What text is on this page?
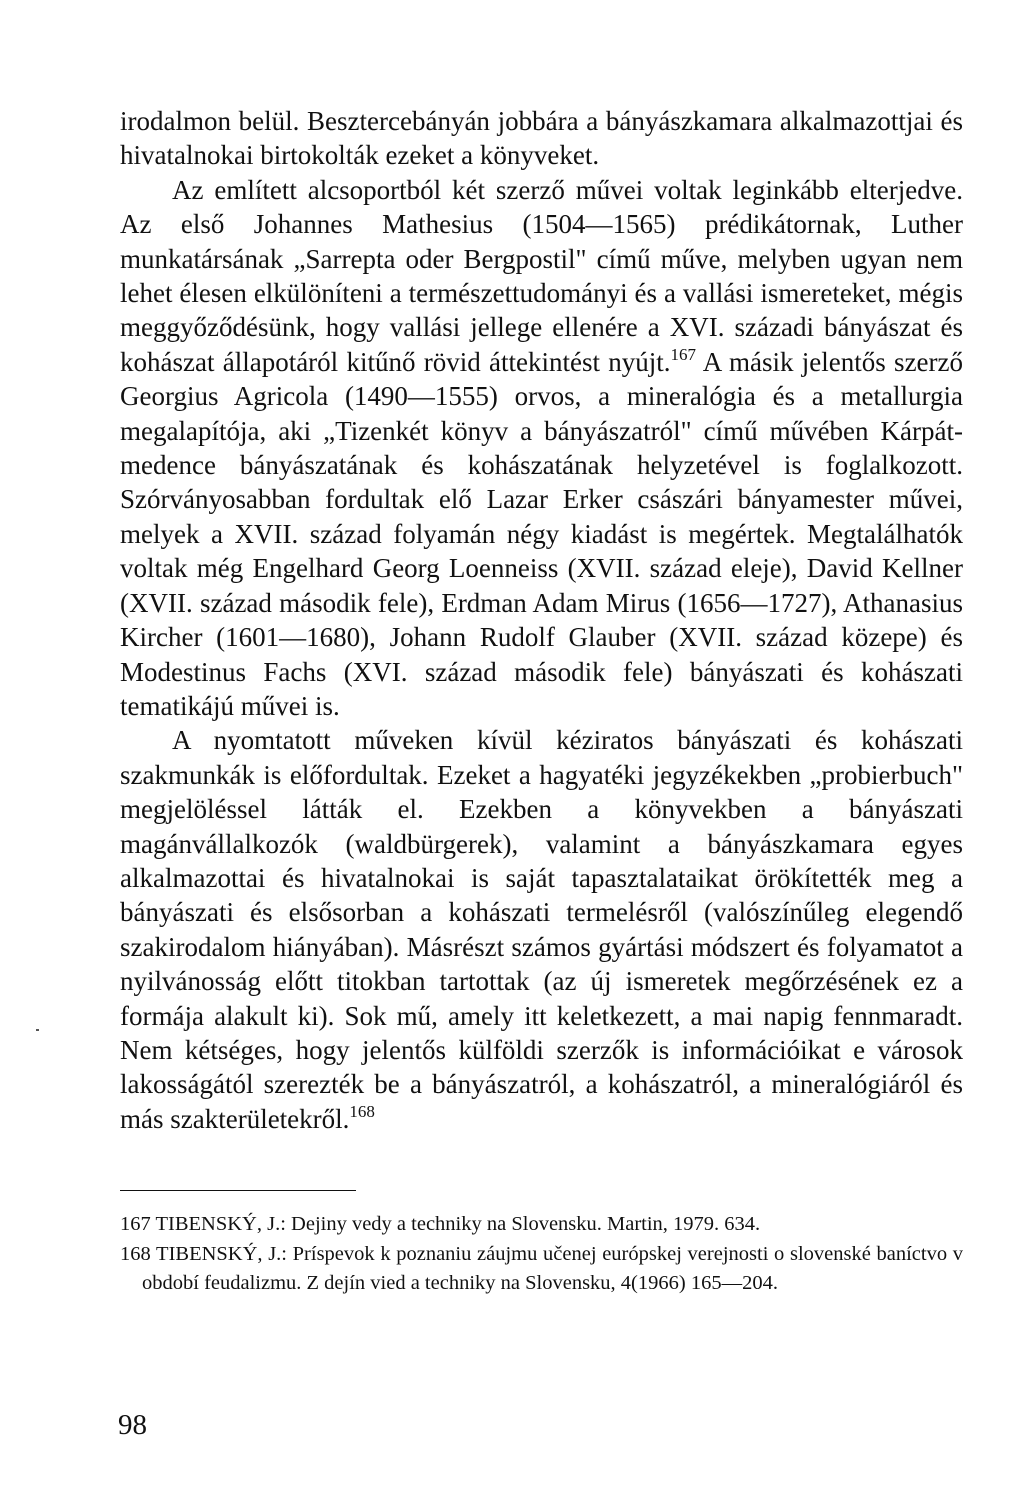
irodalmon belül. Besztercebányán jobbára a bányászkamara alkalmazottjai és hivatalnokai birtokolták ezeket a könyveket.

Az említett alcsoportból két szerző művei voltak leginkább elterjedve. Az első Johannes Mathesius (1504—1565) prédikátornak, Luther munkatársának „Sarrepta oder Bergpostil" című műve, melyben ugyan nem lehet élesen elkülöníteni a természettudományi és a vallási ismereteket, mégis meggyőződésünk, hogy vallási jellege ellenére a XVI. századi bányászat és kohászat állapotáról kitűnő rövid áttekintést nyújt.$^{167}$ A másik jelentős szerző Georgius Agricola (1490—1555) orvos, a mineralógia és a metallurgia megalapítója, aki „Tizenkét könyv a bányászatról" című művében Kárpát-medence bányászatának és kohászatának helyzetével is foglalkozott. Szórványosabban fordultak elő Lazar Erker császári bányamester művei, melyek a XVII. század folyamán négy kiadást is megértek. Megtalálhatók voltak még Engelhard Georg Loenneiss (XVII. század eleje), David Kellner (XVII. század második fele), Erdman Adam Mirus (1656—1727), Athanasius Kircher (1601—1680), Johann Rudolf Glauber (XVII. század közepe) és Modestinus Fachs (XVI. század második fele) bányászati és kohászati tematikájú művei is.

A nyomtatott műveken kívül kéziratos bányászati és kohászati szakmunkák is előfordultak. Ezeket a hagyatéki jegyzékekben „probierbuch" megjelöléssel látták el. Ezekben a könyvekben a bányászati magánvállalkozók (waldbürgerek), valamint a bányászkamara egyes alkalmazottai és hivatalnokai is saját tapasztalataikat örökítették meg a bányászati és elsősorban a kohászati termelésről (valószínűleg elegendő szakirodalom hiányában). Másrészt számos gyártási módszert és folyamatot a nyilvánosság előtt titokban tartottak (az új ismeretek megőrzésének ez a formája alakult ki). Sok mű, amely itt keletkezett, a mai napig fennmaradt. Nem kétséges, hogy jelentős külföldi szerzők is információikat e városok lakosságától szerezték be a bányászatról, a kohászatról, a mineralógiáról és más szakterületekről.$^{168}$

167 TIBENSKÝ, J.: Dejiny vedy a techniky na Slovensku. Martin, 1979. 634.
168 TIBENSKÝ, J.: Príspevok k poznaniu záujmu učenej európskej verejnosti o slovenské baníctvo v období feudalizmu. Z dejín vied a techniky na Slovensku, 4(1966) 165—204.
98
